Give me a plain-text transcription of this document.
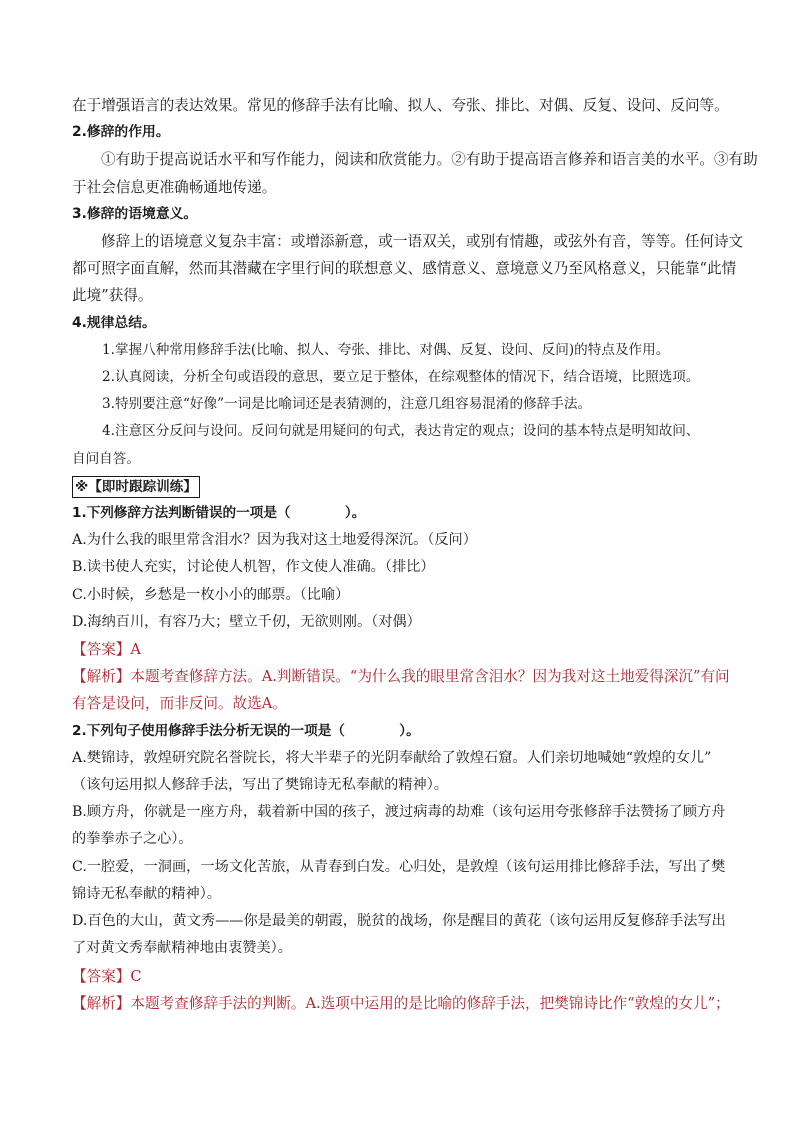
在于增强语言的表达效果。常见的修辞手法有比喻、拟人、夸张、排比、对偶、反复、设问、反问等。
2.修辞的作用。
①有助于提高说话水平和写作能力，阅读和欣赏能力。②有助于提高语言修养和语言美的水平。③有助
于社会信息更准确畅通地传递。
3.修辞的语境意义。
修辞上的语境意义复杂丰富：或增添新意，或一语双关，或别有情趣，或弦外有音，等等。任何诗文
都可照字面直解，然而其潜藏在字里行间的联想意义、感情意义、意境意义乃至风格意义，只能靠“此情
此境”获得。
4.规律总结。
1.掌握八种常用修辞手法(比喻、拟人、夸张、排比、对偶、反复、设问、反问)的特点及作用。
2.认真阅读，分析全句或语段的意思，要立足于整体，在综观整体的情况下，结合语境，比照选项。
3.特别要注意“好像”一词是比喻词还是表猜测的，注意几组容易混淆的修辞手法。
4.注意区分反问与设问。反问句就是用疑问的句式，表达肯定的观点；设问的基本特点是明知故问、
自问自答。
※【即时跟踪训练】
1.下列修辞方法判断错误的一项是（　　　　）。
A.为什么我的眼里常含泪水？因为我对这土地爱得深沉。（反问）
B.读书使人充实，讨论使人机智，作文使人准确。（排比）
C.小时候，乡愁是一枚小小的邮票。（比喻）
D.海纳百川，有容乃大；壁立千仞，无欲则刚。（对偶）
【答案】A
【解析】本题考查修辞方法。A.判断错误。“为什么我的眼里常含泪水？因为我对这土地爱得深沉”有问
有答是设问，而非反问。故选A。
2.下列句子使用修辞手法分析无误的一项是（　　　　）。
A.樊锦诗，敦煌研究院名誉院长，将大半辈子的光阴奉献给了敦煌石窟。人们亲切地喊她“敦煌的女儿”
（该句运用拟人修辞手法，写出了樊锦诗无私奉献的精神）。
B.顾方舟，你就是一座方舟，载着新中国的孩子，渡过病毒的劫难（该句运用夸张修辞手法赞扬了顾方舟
的拳拳赤子之心）。
C.一腔爱，一洞画，一场文化苦旅，从青春到白发。心归处，是敦煌（该句运用排比修辞手法，写出了樊
锦诗无私奉献的精神）。
D.百色的大山，黄文秀——你是最美的朝霞，脱贫的战场，你是醒目的黄花（该句运用反复修辞手法写出
了对黄文秀奉献精神地由衷赞美）。
【答案】C
【解析】本题考查修辞手法的判断。A.选项中运用的是比喻的修辞手法，把樊锦诗比作“敦煌的女儿”；
